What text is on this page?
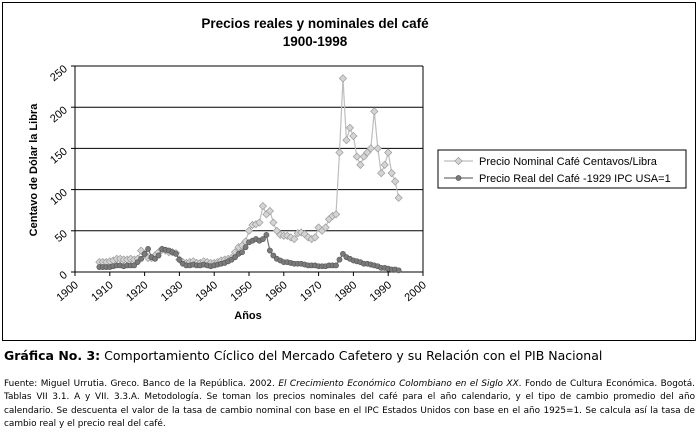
Precios reales y nominales del café
1900-1998
0
50
100
150
200
250
1900 1910 1920 1930 1940 1950 1960 1970 1980 1990 2000
Centavo de Dólar la Libra
Años
Precio Nominal Café Centavos/Libra
Precio Real del Café -1929 IPC USA=1
Gráfica No. 3: Comportamiento Cíclico del Mercado Cafetero y su Relación con el PIB Nacional
Fuente: Miguel Urrutia. Greco. Banco de la República. 2002. El Crecimiento Económico Colombiano en el Siglo XX. Fondo de Cultura Económica. Bogotá. Tablas VII 3.1. A y VII. 3.3.A. Metodología. Se toman los precios nominales del café para el año calendario, y el tipo de cambio promedio del año calendario. Se descuenta el valor de la tasa de cambio nominal con base en el IPC Estados Unidos con base en el año 1925=1. Se calcula así la tasa de cambio real y el precio real del café.
